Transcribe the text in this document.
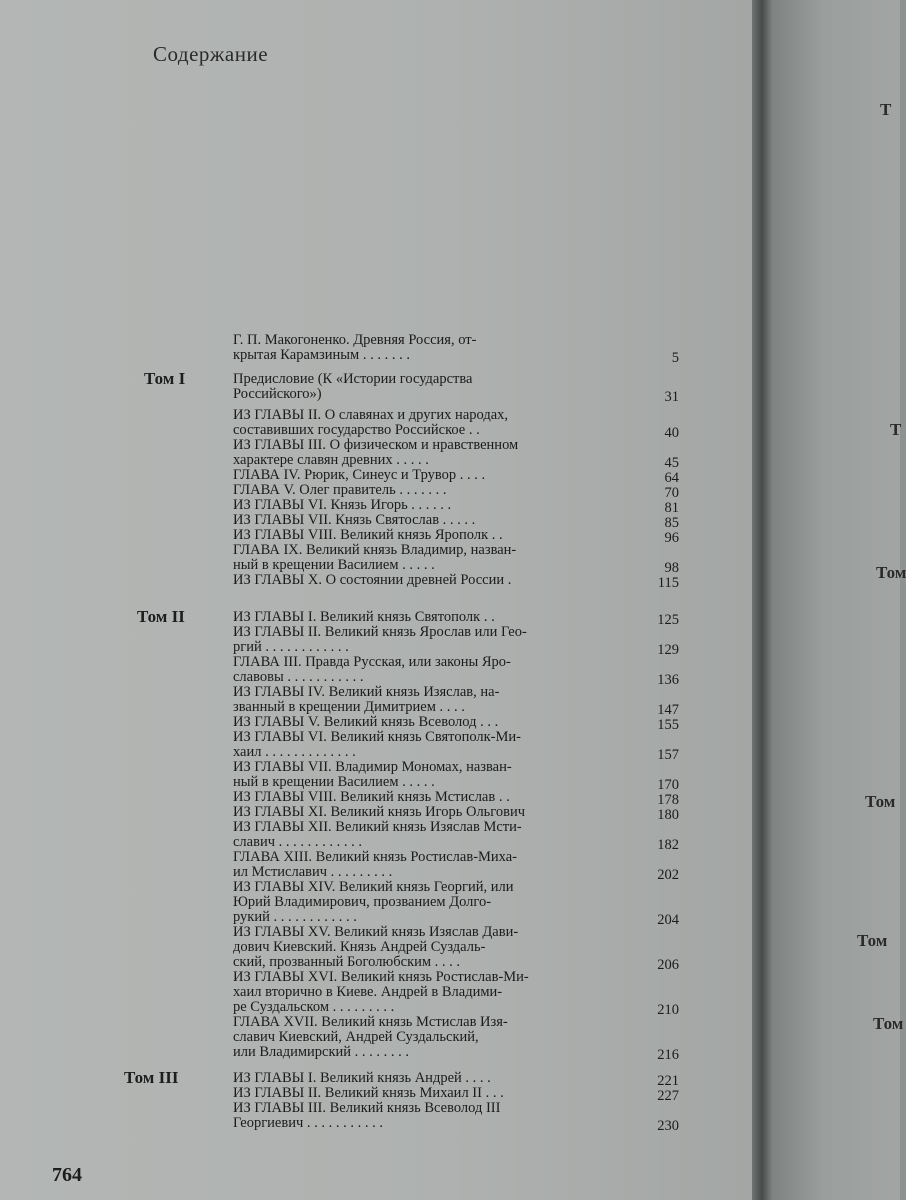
Содержание
Г. П. Макогоненко. Древняя Россия, от-
крытая Карамзиным . . . . . . .	5
Том I	Предисловие (К «Истории государства
Российского»)	31
ИЗ ГЛАВЫ II. О славянах и других народах,
составивших государство Российское . .	40
ИЗ ГЛАВЫ III. О физическом и нравственном
характере славян древних . . . . .	45
ГЛАВА IV. Рюрик, Синеус и Трувор . . . .	64
ГЛАВА V. Олег правитель . . . . . . .	70
ИЗ ГЛАВЫ VI. Князь Игорь . . . . . .	81
ИЗ ГЛАВЫ VII. Князь Святослав . . . . .	85
ИЗ ГЛАВЫ VIII. Великий князь Ярополк . .	96
ГЛАВА IX. Великий князь Владимир, назван-
ный в крещении Василием . . . . .	98
ИЗ ГЛАВЫ X. О состоянии древней России .	115
Том II	ИЗ ГЛАВЫ I. Великий князь Святополк . .	125
ИЗ ГЛАВЫ II. Великий князь Ярослав или Геo-
ргий . . . . . . . . . . . .	129
ГЛАВА III. Правда Русская, или законы Яро-
славовы . . . . . . . . . . .	136
ИЗ ГЛАВЫ IV. Великий князь Изяслав, на-
званный в крещении Димитрием . . . .	147
ИЗ ГЛАВЫ V. Великий князь Всеволод . . .	155
ИЗ ГЛАВЫ VI. Великий князь Святополк-Ми-
хаил . . . . . . . . . . . . .	157
ИЗ ГЛАВЫ VII. Владимир Мономах, назван-
ный в крещении Василием . . . . .	170
ИЗ ГЛАВЫ VIII. Великий князь Мстислав . .	178
ИЗ ГЛАВЫ XI. Великий князь Игорь Ольгович	180
ИЗ ГЛАВЫ XII. Великий князь Изяслав Мсти-
славич . . . . . . . . . . . .	182
ГЛАВА XIII. Великий князь Ростислав-Миха-
ил Мстиславич . . . . . . . . .	202
ИЗ ГЛАВЫ XIV. Великий князь Георгий, или
Юрий Владимирович, прозванием Долго-
рукий . . . . . . . . . . . .	204
ИЗ ГЛАВЫ XV. Великий князь Изяслав Дави-
дович Киевский. Князь Андрей Суздаль-
ский, прозванный Боголюбским . . . .	206
ИЗ ГЛАВЫ XVI. Великий князь Ростислав-Ми-
хаил вторично в Киеве. Андрей в Владими-
ре Суздальском . . . . . . . . .	210
ГЛАВА XVII. Великий князь Мстислав Изя-
славич Киевский, Андрей Суздальский,
или Владимирский . . . . . . . .	216
Том III	ИЗ ГЛАВЫ I. Великий князь Андрей . . . .	221
ИЗ ГЛАВЫ II. Великий князь Михаил II . . .	227
ИЗ ГЛАВЫ III. Великий князь Всеволод III
Георгиевич . . . . . . . . . . .	230
764
Т
Т
Том
Том
Том
Том
